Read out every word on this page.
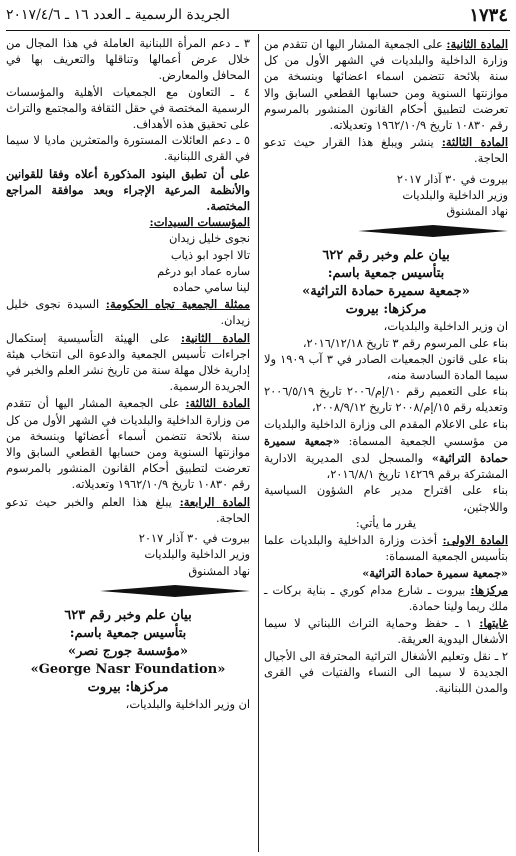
١٧٣٤
الجريدة الرسمية ـ العدد ١٦ ـ ٢٠١٧/٤/٦

المادة الثانية: على الجمعية المشار اليها ان تتقدم من وزارة الداخلية والبلديات في الشهر الأول من كل سنة بلائحة تتضمن اسماء اعضائها وبنسخة من موازنتها السنوية ومن حسابها القطعي السابق والا تعرضت لتطبيق أحكام القانون المنشور بالمرسوم رقم ١٠٨٣٠ تاريخ ١٩٦٢/١٠/٩ وتعديلاته.

المادة الثالثة: ينشر ويبلغ هذا القرار حيث تدعو الحاجة.

بيروت في ٣٠ آذار ٢٠١٧

وزير الداخلية والبلديات

نهاد المشنوق

بيان علم وخبر رقم ٦٢٢

بتأسيس جمعية باسم:

«جمعية سميرة حمادة التراثية»

مركزها: بيروت

ان وزير الداخلية والبلديات،

بناء على المرسوم رقم ٣ تاريخ ٢٠١٦/١٢/١٨،

بناء على قانون الجمعيات الصادر في ٣ آب ١٩٠٩ ولا سيما المادة السادسة منه،

بناء على التعميم رقم ١٠/إم/٢٠٠٦ تاريخ ٢٠٠٦/٥/١٩ وتعديله رقم ١٥/إم/٢٠٠٨ تاريخ ٢٠٠٨/٩/١٢،

بناء على الاعلام المقدم الى وزارة الداخلية والبلديات من مؤسسي الجمعية المسماة: «جمعية سميرة حمادة التراثية» والمسجل لدى المديرية الادارية المشتركة برقم ١٤٢٦٩ تاريخ ٢٠١٦/٨/١،

بناء على اقتراح مدير عام الشؤون السياسية واللاجئين،

يقرر ما يأتي:

المادة الاولى: أخذت وزارة الداخلية والبلديات علما بتأسيس الجمعية المسماة:

«جمعية سميرة حمادة التراثية»

مركزها: بيروت ـ شارع مدام كوري ـ بناية بركات ـ ملك ريما ولينا حمادة.

غايتها: ١ ـ حفظ وحماية التراث اللبناني لا سيما الأشغال اليدوية العريقة.

٢ ـ نقل وتعليم الأشغال التراثية المحترفة الى الأجيال الجديدة لا سيما الى النساء والفتيات في القرى والمدن اللبنانية.

٣ ـ دعم المرأة اللبنانية العاملة في هذا المجال من خلال عرض أعمالها وتناقلها والتعريف بها في المحافل والمعارض.

٤ ـ التعاون مع الجمعيات الأهلية والمؤسسات الرسمية المختصة في حقل الثقافة والمجتمع والتراث على تحقيق هذه الأهداف.

٥ ـ دعم العائلات المستورة والمتعثرين ماديا لا سيما في القرى اللبنانية.

على أن تطبق البنود المذكورة أعلاه وفقا للقوانين والأنظمة المرعية الإجراء وبعد موافقة المراجع المختصة.

المؤسسات السيدات:

نجوى خليل زيدان

تالا اجود ابو ذياب

ساره عماد ابو درغم

لينا سامي حماده

ممثلة الجمعية تجاه الحكومة: السيدة نجوى خليل زيدان.

المادة الثانية: على الهيئة التأسيسية إستكمال اجراءات تأسيس الجمعية والدعوة الى انتخاب هيئة إدارية خلال مهلة سنة من تاريخ نشر العلم والخبر في الجريدة الرسمية.

المادة الثالثة: على الجمعية المشار اليها أن تتقدم من وزارة الداخلية والبلديات في الشهر الأول من كل سنة بلائحة تتضمن أسماء أعضائها وبنسخة من موازنتها السنوية ومن حسابها القطعي السابق والا تعرضت لتطبيق أحكام القانون المنشور بالمرسوم رقم ١٠٨٣٠ تاريخ ١٩٦٢/١٠/٩ وتعديلاته.

المادة الرابعة: يبلغ هذا العلم والخبر حيث تدعو الحاجة.

بيروت في ٣٠ آذار ٢٠١٧

وزير الداخلية والبلديات

نهاد المشنوق

بيان علم وخبر رقم ٦٢٣

بتأسيس جمعية باسم:

«مؤسسة جورج نصر»

«George Nasr Foundation»

مركزها: بيروت

ان وزير الداخلية والبلديات،
